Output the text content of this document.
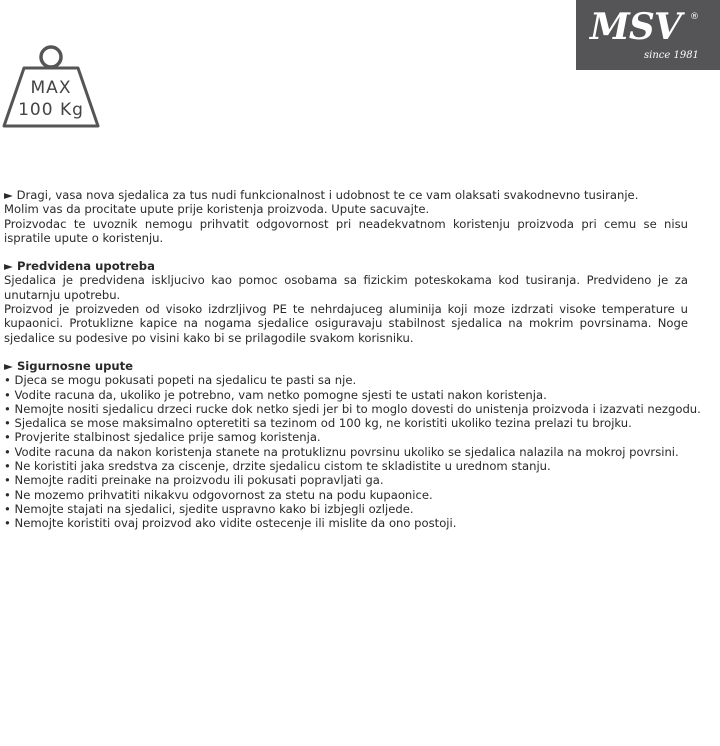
MSV ®
since 1981
MAX
100 Kg

► Dragi, vasa nova sjedalica za tus nudi funkcionalnost i udobnost te ce vam olaksati svakodnevno tusiranje.

Molim vas da procitate upute prije koristenja proizvoda. Upute sacuvajte.

Proizvodac te uvoznik nemogu prihvatit odgovornost pri neadekvatnom koristenju proizvoda pri cemu se nisu ispratile upute o koristenju.

► Predvidena upotreba

Sjedalica je predvidena iskljucivo kao pomoc osobama sa fizickim poteskokama kod tusiranja. Predvideno je za unutarnju upotrebu.

Proizvod je proizveden od visoko izdrzljivog PE te nehrdajuceg aluminija koji moze izdrzati visoke temperature u kupaonici. Protuklizne kapice na nogama sjedalice osiguravaju stabilnost sjedalica na mokrim povrsinama. Noge sjedalice su podesive po visini kako bi se prilagodile svakom korisniku.

► Sigurnosne upute

• Djeca se mogu pokusati popeti na sjedalicu te pasti sa nje.
• Vodite racuna da, ukoliko je potrebno, vam netko pomogne sjesti te ustati nakon koristenja.
• Nemojte nositi sjedalicu drzeci rucke dok netko sjedi jer bi to moglo dovesti do unistenja proizvoda i izazvati nezgodu.
• Sjedalica se mose maksimalno opteretiti sa tezinom od 100 kg, ne koristiti ukoliko tezina prelazi tu brojku.
• Provjerite stalbinost sjedalice prije samog koristenja.
• Vodite racuna da nakon koristenja stanete na protukliznu povrsinu ukoliko se sjedalica nalazila na mokroj povrsini.
• Ne koristiti jaka sredstva za ciscenje, drzite sjedalicu cistom te skladistite u urednom stanju.
• Nemojte raditi preinake na proizvodu ili pokusati popravljati ga.
• Ne mozemo prihvatiti nikakvu odgovornost za stetu na podu kupaonice.
• Nemojte stajati na sjedalici, sjedite uspravno kako bi izbjegli ozljede.
• Nemojte koristiti ovaj proizvod ako vidite ostecenje ili mislite da ono postoji.
